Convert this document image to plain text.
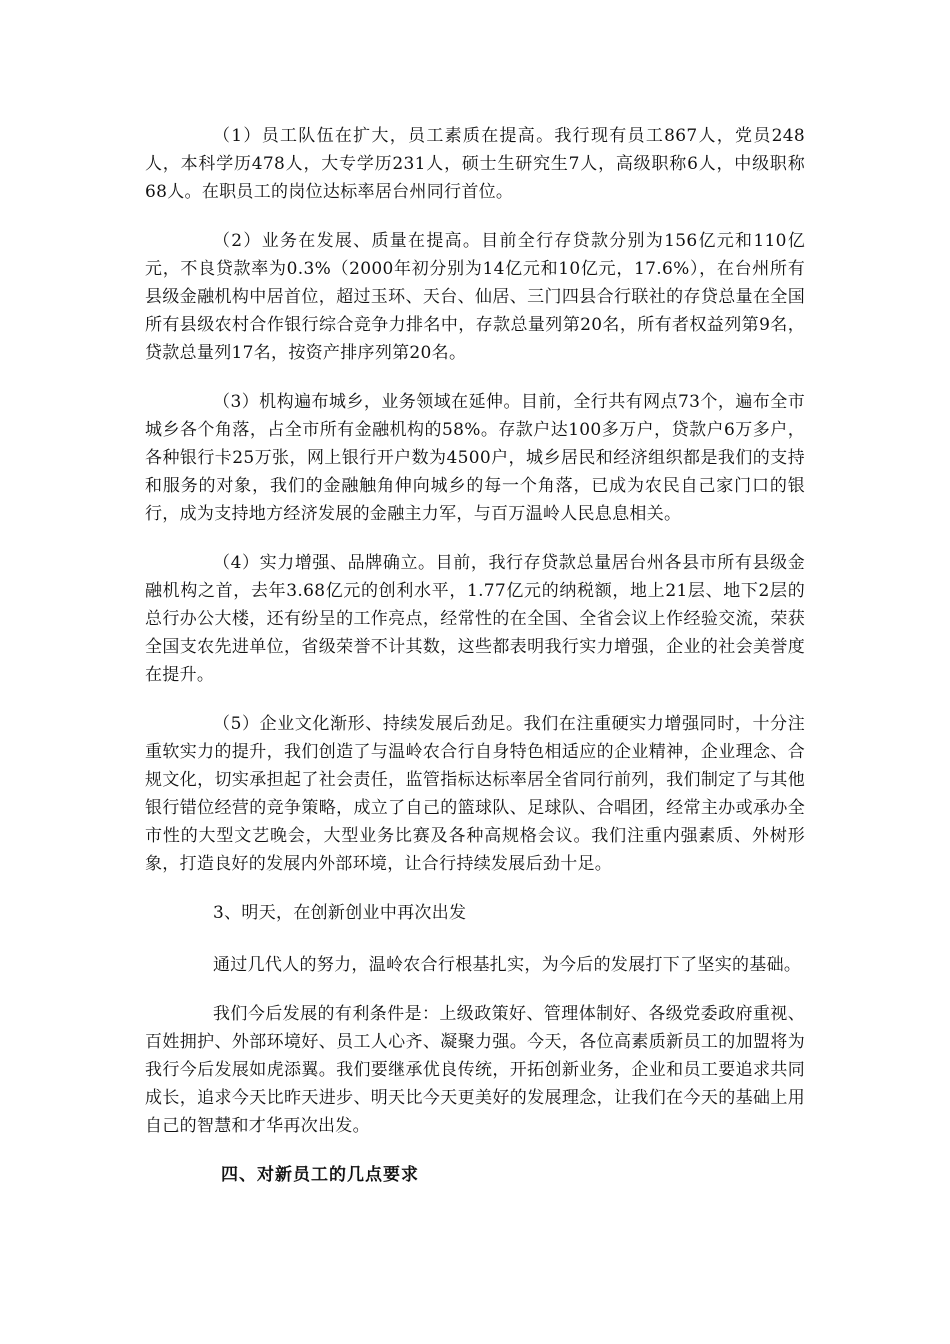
（1）员工队伍在扩大，员工素质在提高。我行现有员工867人，党员248人，本科学历478人，大专学历231人，硕士生研究生7人，高级职称6人，中级职称68人。在职员工的岗位达标率居台州同行首位。

（2）业务在发展、质量在提高。目前全行存贷款分别为156亿元和110亿元，不良贷款率为0.3%（2000年初分别为14亿元和10亿元，17.6%），在台州所有县级金融机构中居首位，超过玉环、天台、仙居、三门四县合行联社的存贷总量在全国所有县级农村合作银行综合竞争力排名中，存款总量列第20名，所有者权益列第9名，贷款总量列17名，按资产排序列第20名。

（3）机构遍布城乡，业务领域在延伸。目前，全行共有网点73个，遍布全市城乡各个角落，占全市所有金融机构的58%。存款户达100多万户，贷款户6万多户，各种银行卡25万张，网上银行开户数为4500户，城乡居民和经济组织都是我们的支持和服务的对象，我们的金融触角伸向城乡的每一个角落，已成为农民自己家门口的银行，成为支持地方经济发展的金融主力军，与百万温岭人民息息相关。

（4）实力增强、品牌确立。目前，我行存贷款总量居台州各县市所有县级金融机构之首，去年3.68亿元的创利水平，1.77亿元的纳税额，地上21层、地下2层的总行办公大楼，还有纷呈的工作亮点，经常性的在全国、全省会议上作经验交流，荣获全国支农先进单位，省级荣誉不计其数，这些都表明我行实力增强，企业的社会美誉度在提升。

（5）企业文化渐形、持续发展后劲足。我们在注重硬实力增强同时，十分注重软实力的提升，我们创造了与温岭农合行自身特色相适应的企业精神，企业理念、合规文化，切实承担起了社会责任，监管指标达标率居全省同行前列，我们制定了与其他银行错位经营的竞争策略，成立了自己的篮球队、足球队、合唱团，经常主办或承办全市性的大型文艺晚会，大型业务比赛及各种高规格会议。我们注重内强素质、外树形象，打造良好的发展内外部环境，让合行持续发展后劲十足。

3、明天，在创新创业中再次出发

通过几代人的努力，温岭农合行根基扎实，为今后的发展打下了坚实的基础。

我们今后发展的有利条件是：上级政策好、管理体制好、各级党委政府重视、百姓拥护、外部环境好、员工人心齐、凝聚力强。今天，各位高素质新员工的加盟将为我行今后发展如虎添翼。我们要继承优良传统，开拓创新业务，企业和员工要追求共同成长，追求今天比昨天进步、明天比今天更美好的发展理念，让我们在今天的基础上用自己的智慧和才华再次出发。

四、对新员工的几点要求
